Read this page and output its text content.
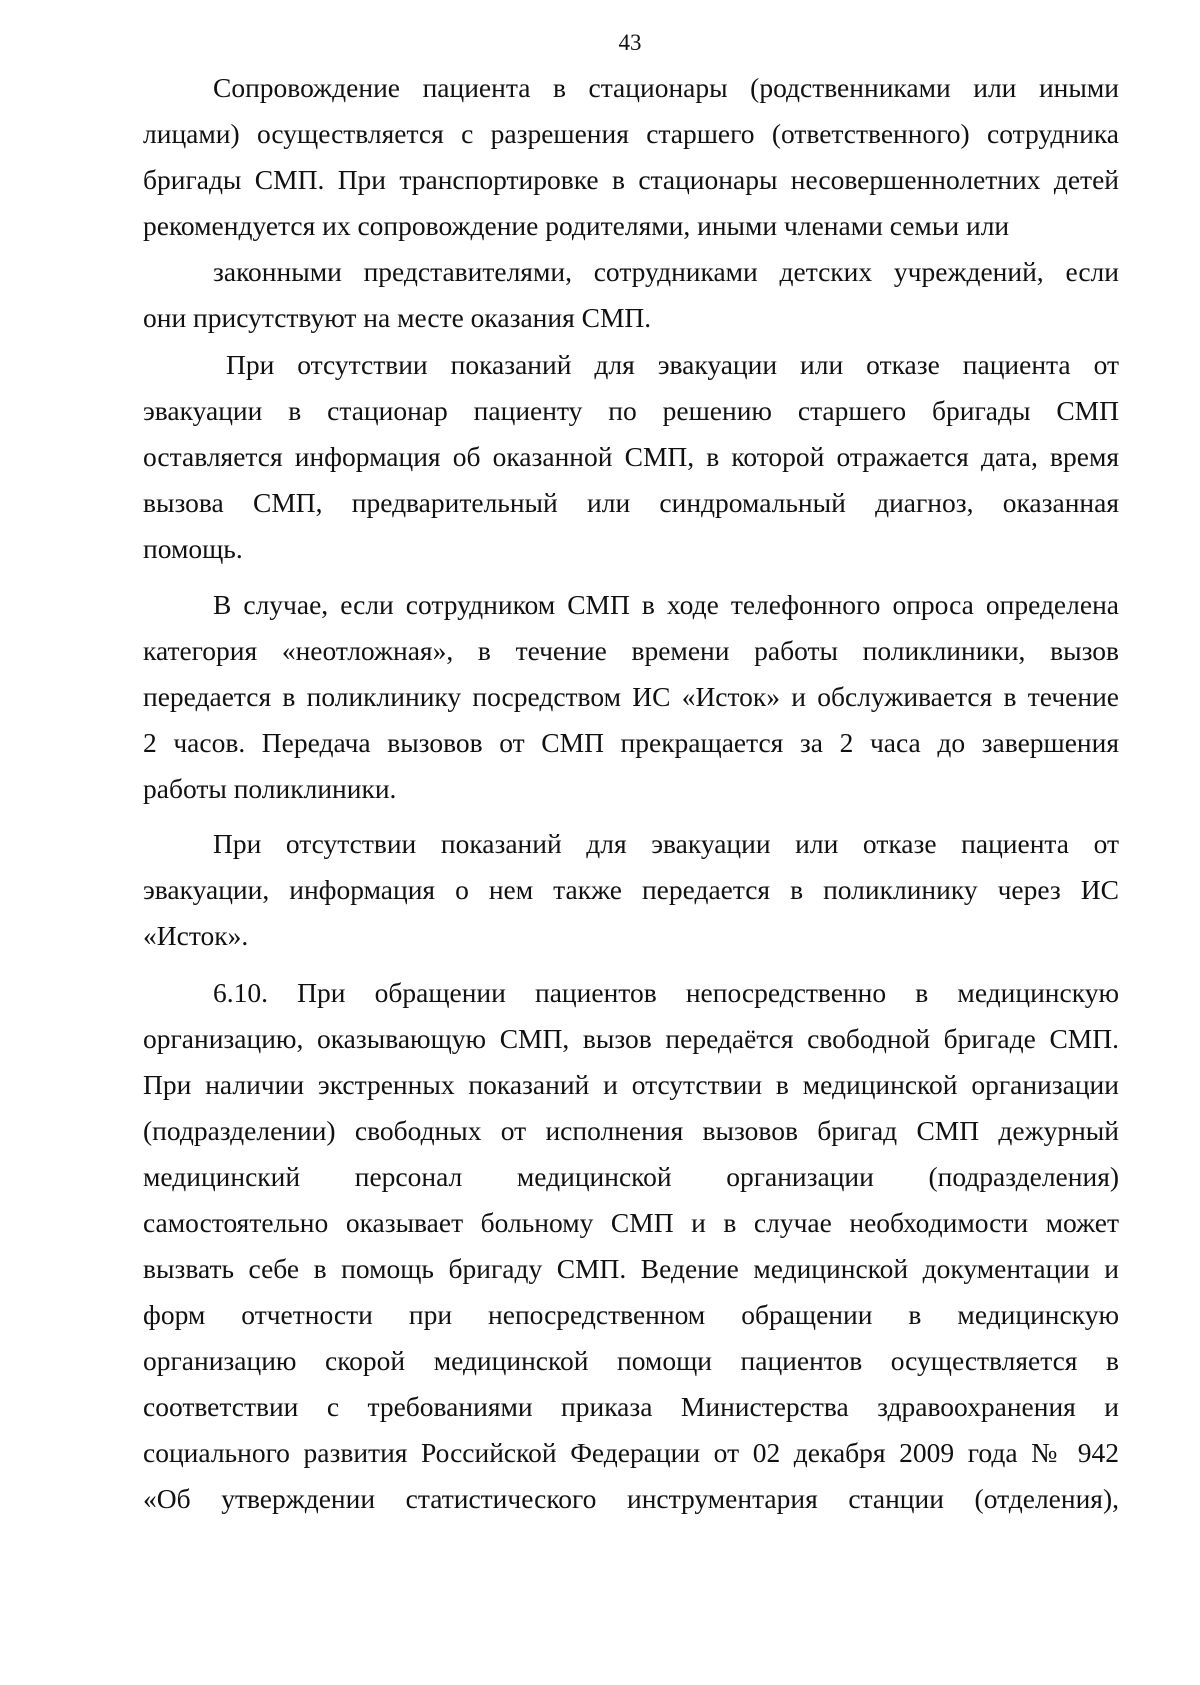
43
Сопровождение пациента в стационары (родственниками или иными
лицами) осуществляется с разрешения старшего (ответственного) сотрудника
бригады СМП. При транспортировке в стационары несовершеннолетних детей
рекомендуется их сопровождение родителями, иными членами семьи или
законными представителями, сотрудниками детских учреждений, если
они присутствуют на месте оказания СМП.
При отсутствии показаний для эвакуации или отказе пациента от
эвакуации в стационар пациенту по решению старшего бригады СМП
оставляется информация об оказанной СМП, в которой отражается дата, время
вызова СМП, предварительный или синдромальный диагноз, оказанная
помощь.
В случае, если сотрудником СМП в ходе телефонного опроса определена
категория «неотложная», в течение времени работы поликлиники, вызов
передается в поликлинику посредством ИС «Исток» и обслуживается в течение
2 часов. Передача вызовов от СМП прекращается за 2 часа до завершения
работы поликлиники.
При отсутствии показаний для эвакуации или отказе пациента от
эвакуации, информация о нем также передается в поликлинику через ИС
«Исток».
6.10. При обращении пациентов непосредственно в медицинскую
организацию, оказывающую СМП, вызов передаётся свободной бригаде СМП.
При наличии экстренных показаний и отсутствии в медицинской организации
(подразделении) свободных от исполнения вызовов бригад СМП дежурный
медицинский персонал медицинской организации (подразделения)
самостоятельно оказывает больному СМП и в случае необходимости может
вызвать себе в помощь бригаду СМП. Ведение медицинской документации и
форм отчетности при непосредственном обращении в медицинскую
организацию скорой медицинской помощи пациентов осуществляется в
соответствии с требованиями приказа Министерства здравоохранения и
социального развития Российской Федерации от 02 декабря 2009 года № 942
«Об утверждении статистического инструментария станции (отделения),
